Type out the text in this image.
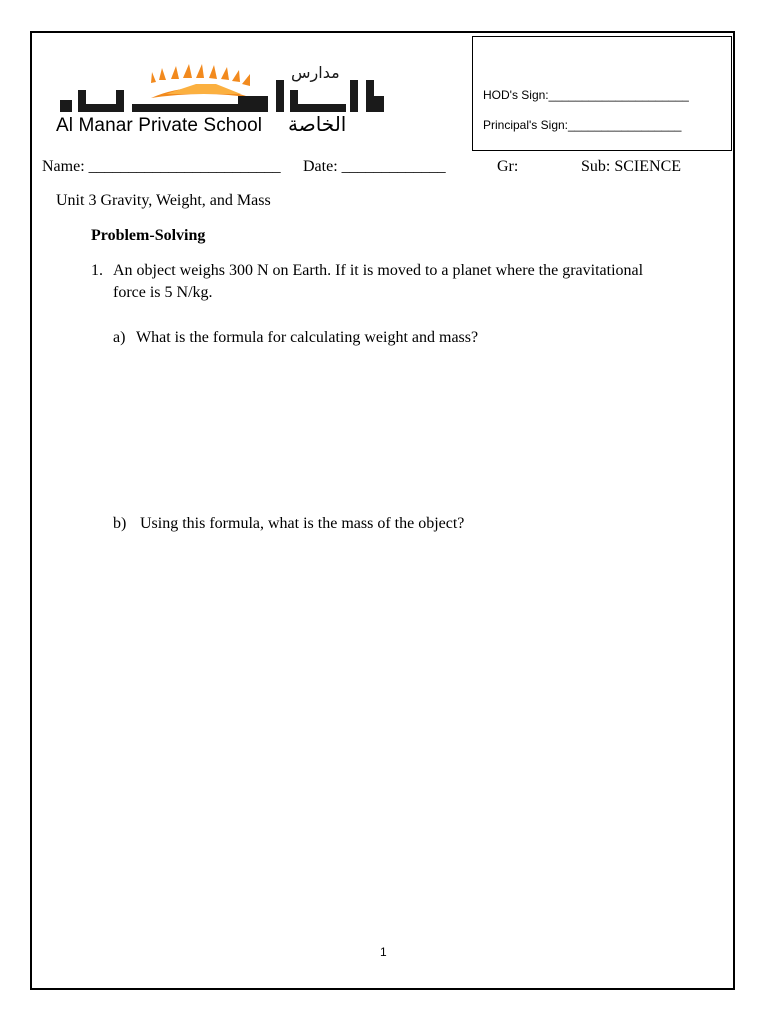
مدارس
Al Manar Private School الخاصة
HOD's Sign:_____________________
Principal's Sign:_________________
Name: ________________________ Date: _____________	Gr:	Sub: SCIENCE
Unit 3 Gravity, Weight, and Mass
Problem-Solving
1. An object weighs 300 N on Earth. If it is moved to a planet where the gravitational
force is 5 N/kg.
a) What is the formula for calculating weight and mass?
b) Using this formula, what is the mass of the object?
1
